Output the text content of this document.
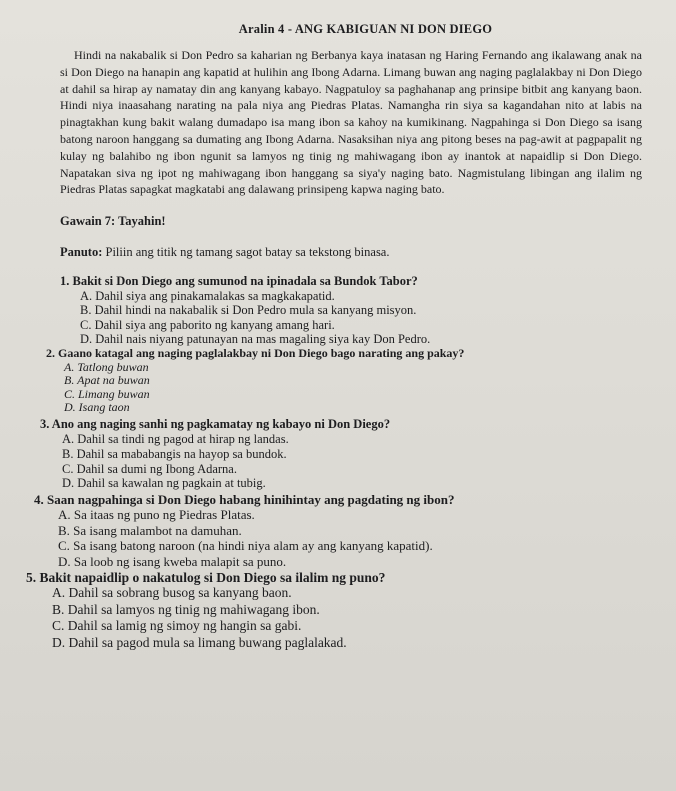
Aralin 4 - ANG KABIGUAN NI DON DIEGO
Hindi na nakabalik si Don Pedro sa kaharian ng Berbanya kaya inatasan ng Haring Fernando ang ikalawang anak na si Don Diego na hanapin ang kapatid at hulihin ang Ibong Adarna. Limang buwan ang naging paglalakbay ni Don Diego at dahil sa hirap ay namatay din ang kanyang kabayo. Nagpatuloy sa paghahanap ang prinsipe bitbit ang kanyang baon. Hindi niya inaasahang narating na pala niya ang Piedras Platas. Namangha rin siya sa kagandahan nito at labis na pinagtakhan kung bakit walang dumadapo isa mang ibon sa kahoy na kumikinang. Nagpahinga si Don Diego sa isang batong naroon hanggang sa dumating ang Ibong Adarna. Nasaksihan niya ang pitong beses na pag-awit at pagpapalit ng kulay ng balahibo ng ibon ngunit sa lamyos ng tinig ng mahiwagang ibon ay inantok at napaidlip si Don Diego. Napatakan siva ng ipot ng mahiwagang ibon hanggang sa siya'y naging bato. Nagmistulang libingan ang ilalim ng Piedras Platas sapagkat magkatabi ang dalawang prinsipeng kapwa naging bato.
Gawain 7: Tayahin!
Panuto: Piliin ang titik ng tamang sagot batay sa tekstong binasa.
1. Bakit si Don Diego ang sumunod na ipinadala sa Bundok Tabor?
A. Dahil siya ang pinakamalakas sa magkakapatid.
B. Dahil hindi na nakabalik si Don Pedro mula sa kanyang misyon.
C. Dahil siya ang paborito ng kanyang amang hari.
D. Dahil nais niyang patunayan na mas magaling siya kay Don Pedro.
2. Gaano katagal ang naging paglalakbay ni Don Diego bago narating ang pakay?
A. Tatlong buwan
B. Apat na buwan
C. Limang buwan
D. Isang taon
3. Ano ang naging sanhi ng pagkamatay ng kabayo ni Don Diego?
A. Dahil sa tindi ng pagod at hirap ng landas.
B. Dahil sa mababangis na hayop sa bundok.
C. Dahil sa dumi ng Ibong Adarna.
D. Dahil sa kawalan ng pagkain at tubig.
4. Saan nagpahinga si Don Diego habang hinihintay ang pagdating ng ibon?
A. Sa itaas ng puno ng Piedras Platas.
B. Sa isang malambot na damuhan.
C. Sa isang batong naroon (na hindi niya alam ay ang kanyang kapatid).
D. Sa loob ng isang kweba malapit sa puno.
5. Bakit napaidlip o nakatulog si Don Diego sa ilalim ng puno?
A. Dahil sa sobrang busog sa kanyang baon.
B. Dahil sa lamyos ng tinig ng mahiwagang ibon.
C. Dahil sa lamig ng simoy ng hangin sa gabi.
D. Dahil sa pagod mula sa limang buwang paglalakad.
